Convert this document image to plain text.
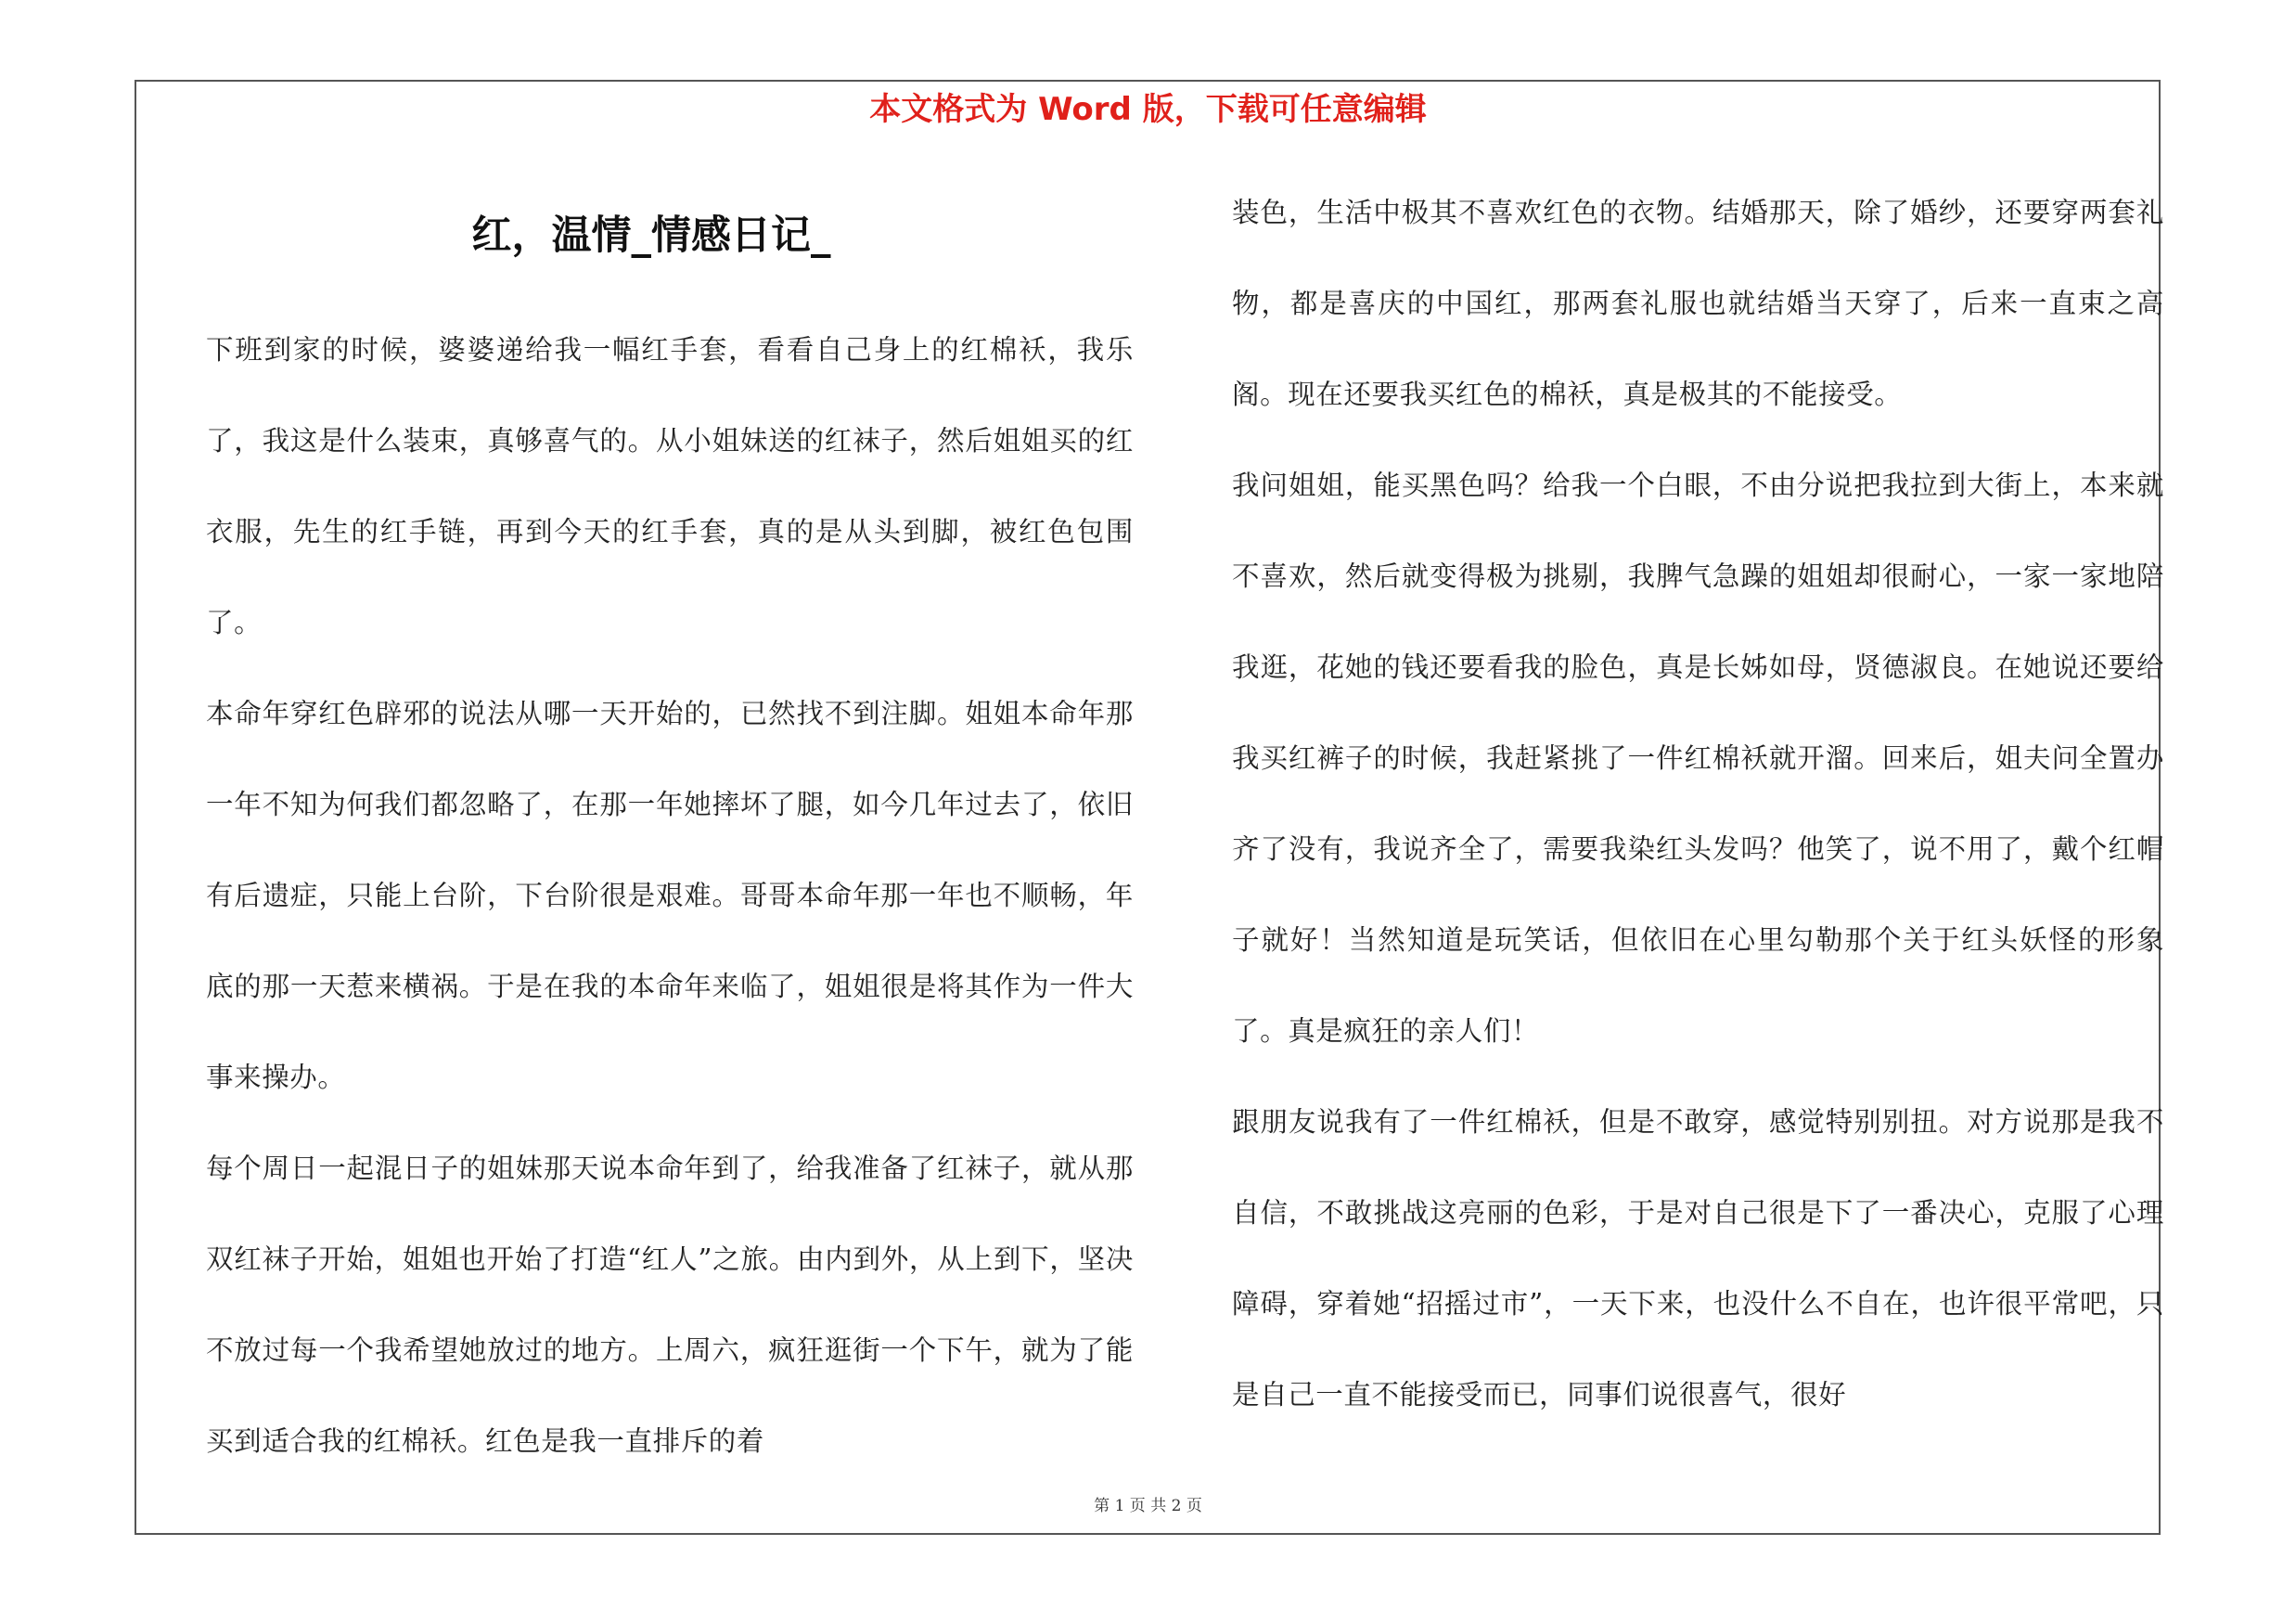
本文格式为 Word 版，下载可任意编辑
红，温情_情感日记_

下班到家的时候，婆婆递给我一幅红手套，看看自己身上的红棉袄，我乐了，我这是什么装束，真够喜气的。从小姐妹送的红袜子，然后姐姐买的红衣服，先生的红手链，再到今天的红手套，真的是从头到脚，被红色包围了。

本命年穿红色辟邪的说法从哪一天开始的，已然找不到注脚。姐姐本命年那一年不知为何我们都忽略了，在那一年她摔坏了腿，如今几年过去了，依旧有后遗症，只能上台阶，下台阶很是艰难。哥哥本命年那一年也不顺畅，年底的那一天惹来横祸。于是在我的本命年来临了，姐姐很是将其作为一件大事来操办。

每个周日一起混日子的姐妹那天说本命年到了，给我准备了红袜子，就从那双红袜子开始，姐姐也开始了打造“红人”之旅。由内到外，从上到下，坚决不放过每一个我希望她放过的地方。上周六，疯狂逛街一个下午，就为了能买到适合我的红棉袄。红色是我一直排斥的着

装色，生活中极其不喜欢红色的衣物。结婚那天，除了婚纱，还要穿两套礼物，都是喜庆的中国红，那两套礼服也就结婚当天穿了，后来一直束之高阁。现在还要我买红色的棉袄，真是极其的不能接受。

我问姐姐，能买黑色吗？给我一个白眼，不由分说把我拉到大街上，本来就不喜欢，然后就变得极为挑剔，我脾气急躁的姐姐却很耐心，一家一家地陪我逛，花她的钱还要看我的脸色，真是长姊如母，贤德淑良。在她说还要给我买红裤子的时候，我赶紧挑了一件红棉袄就开溜。回来后，姐夫问全置办齐了没有，我说齐全了，需要我染红头发吗？他笑了，说不用了，戴个红帽子就好！当然知道是玩笑话，但依旧在心里勾勒那个关于红头妖怪的形象了。真是疯狂的亲人们！

跟朋友说我有了一件红棉袄，但是不敢穿，感觉特别别扭。对方说那是我不自信，不敢挑战这亮丽的色彩，于是对自己很是下了一番决心，克服了心理障碍，穿着她“招摇过市”，一天下来，也没什么不自在，也许很平常吧，只是自己一直不能接受而已，同事们说很喜气，很好

第 1 页 共 2 页
